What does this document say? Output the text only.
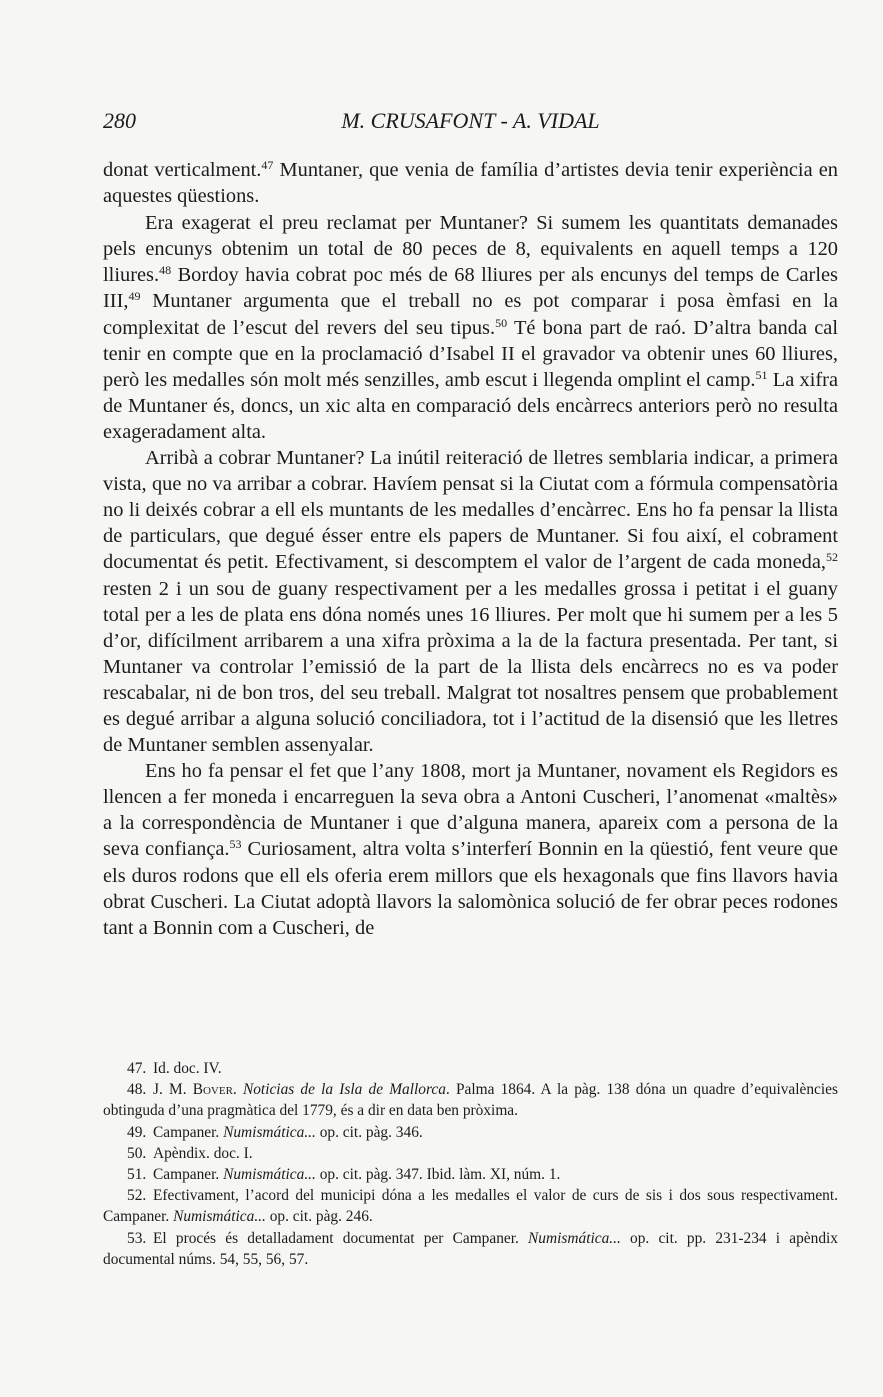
280	M. CRUSAFONT - A. VIDAL

donat verticalment.$^{47}$ Muntaner, que venia de família d’artistes devia tenir experiència en aquestes qüestions.

Era exagerat el preu reclamat per Muntaner? Si sumem les quantitats demanades pels encunys obtenim un total de 80 peces de 8, equivalents en aquell temps a 120 lliures.$^{48}$ Bordoy havia cobrat poc més de 68 lliures per als encunys del temps de Carles III,$^{49}$ Muntaner argumenta que el treball no es pot comparar i posa èmfasi en la complexitat de l’escut del revers del seu tipus.$^{50}$ Té bona part de raó. D’altra banda cal tenir en compte que en la proclamació d’Isabel II el gravador va obtenir unes 60 lliures, però les medalles són molt més senzilles, amb escut i llegenda omplint el camp.$^{51}$ La xifra de Muntaner és, doncs, un xic alta en comparació dels encàrrecs anteriors però no resulta exageradament alta.

Arribà a cobrar Muntaner? La inútil reiteració de lletres semblaria indicar, a primera vista, que no va arribar a cobrar. Havíem pensat si la Ciutat com a fórmula compensatòria no li deixés cobrar a ell els muntants de les medalles d’encàrrec. Ens ho fa pensar la llista de particulars, que degué ésser entre els papers de Muntaner. Si fou així, el cobrament documentat és petit. Efectivament, si descomptem el valor de l’argent de cada moneda,$^{52}$ resten 2 i un sou de guany respectivament per a les medalles grossa i petitat i el guany total per a les de plata ens dóna només unes 16 lliures. Per molt que hi sumem per a les 5 d’or, difícilment arribarem a una xifra pròxima a la de la factura presentada. Per tant, si Muntaner va controlar l’emissió de la part de la llista dels encàrrecs no es va poder rescabalar, ni de bon tros, del seu treball. Malgrat tot nosaltres pensem que probablement es degué arribar a alguna solució conciliadora, tot i l’actitud de la disensió que les lletres de Muntaner semblen assenyalar.

Ens ho fa pensar el fet que l’any 1808, mort ja Muntaner, novament els Regidors es llencen a fer moneda i encarreguen la seva obra a Antoni Cuscheri, l’anomenat «maltès» a la correspondència de Muntaner i que d’alguna manera, apareix com a persona de la seva confiança.$^{53}$ Curiosament, altra volta s’interferí Bonnin en la qüestió, fent veure que els duros rodons que ell els oferia erem millors que els hexagonals que fins llavors havia obrat Cuscheri. La Ciutat adoptà llavors la salomònica solució de fer obrar peces rodones tant a Bonnin com a Cuscheri, de

47. Id. doc. IV.
48. J. M. Bover. Noticias de la Isla de Mallorca. Palma 1864. A la pàg. 138 dóna un quadre d’equivalències obtinguda d’una pragmàtica del 1779, és a dir en data ben pròxima.
49. Campaner. Numismática... op. cit. pàg. 346.
50. Apèndix. doc. I.
51. Campaner. Numismática... op. cit. pàg. 347. Ibid. làm. XI, núm. 1.
52. Efectivament, l’acord del municipi dóna a les medalles el valor de curs de sis i dos sous respectivament. Campaner. Numismática... op. cit. pàg. 246.
53. El procés és detalladament documentat per Campaner. Numismática... op. cit. pp. 231-234 i apèndix documental núms. 54, 55, 56, 57.
